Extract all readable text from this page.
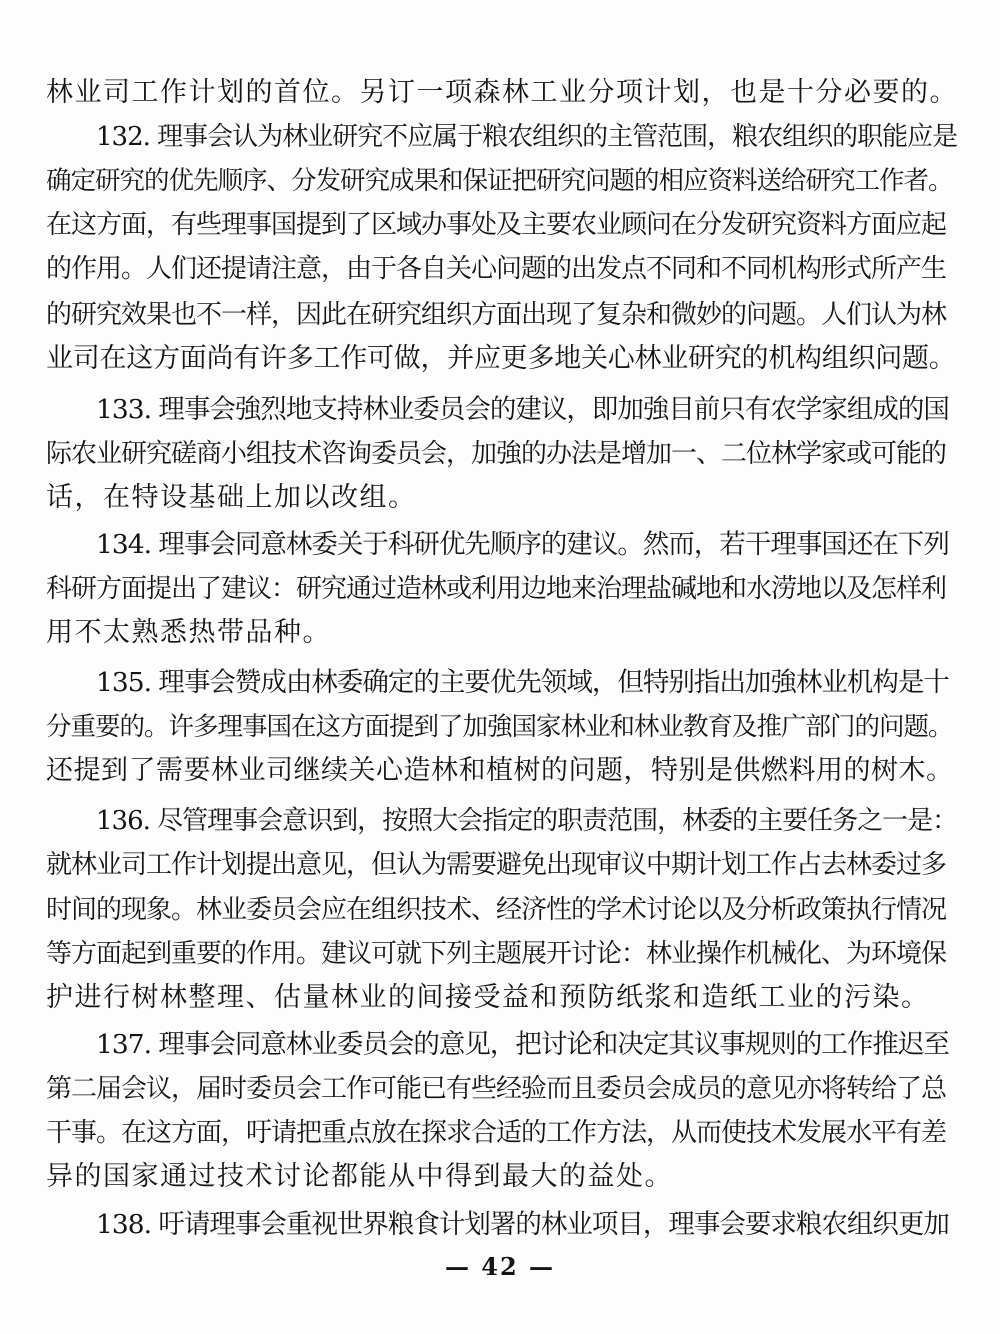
林业司工作计划的首位。另订一项森林工业分项计划，也是十分必要的。
132. 理事会认为林业研究不应属于粮农组织的主管范围，粮农组织的职能应是
确定研究的优先顺序、分发研究成果和保证把研究问题的相应资料送给研究工作者。
在这方面，有些理事国提到了区域办事处及主要农业顾问在分发研究资料方面应起
的作用。人们还提请注意，由于各自关心问题的出发点不同和不同机构形式所产生
的研究效果也不一样，因此在研究组织方面出现了复杂和微妙的问题。人们认为林
业司在这方面尚有许多工作可做，并应更多地关心林业研究的机构组织问题。
133. 理事会強烈地支持林业委员会的建议，即加強目前只有农学家组成的国
际农业研究磋商小组技术咨询委员会，加強的办法是增加一、二位林学家或可能的
话，在特设基础上加以改组。
134. 理事会同意林委关于科研优先顺序的建议。然而，若干理事国还在下列
科研方面提出了建议：研究通过造林或利用边地来治理盐碱地和水涝地以及怎样利
用不太熟悉热带品种。
135. 理事会赞成由林委确定的主要优先领域，但特别指出加強林业机构是十
分重要的。许多理事国在这方面提到了加強国家林业和林业教育及推广部门的问题。
还提到了需要林业司继续关心造林和植树的问题，特别是供燃料用的树木。
136. 尽管理事会意识到，按照大会指定的职责范围，林委的主要任务之一是：
就林业司工作计划提出意见，但认为需要避免出现审议中期计划工作占去林委过多
时间的现象。林业委员会应在组织技术、经济性的学术讨论以及分析政策执行情况
等方面起到重要的作用。建议可就下列主题展开讨论：林业操作机械化、为环境保
护进行树林整理、估量林业的间接受益和预防纸浆和造纸工业的污染。
137. 理事会同意林业委员会的意见，把讨论和决定其议事规则的工作推迟至
第二届会议，届时委员会工作可能已有些经验而且委员会成员的意见亦将转给了总
干事。在这方面，吁请把重点放在探求合适的工作方法，从而使技术发展水平有差
异的国家通过技术讨论都能从中得到最大的益处。
138. 吁请理事会重视世界粮食计划署的林业项目，理事会要求粮农组织更加
— 42 —
